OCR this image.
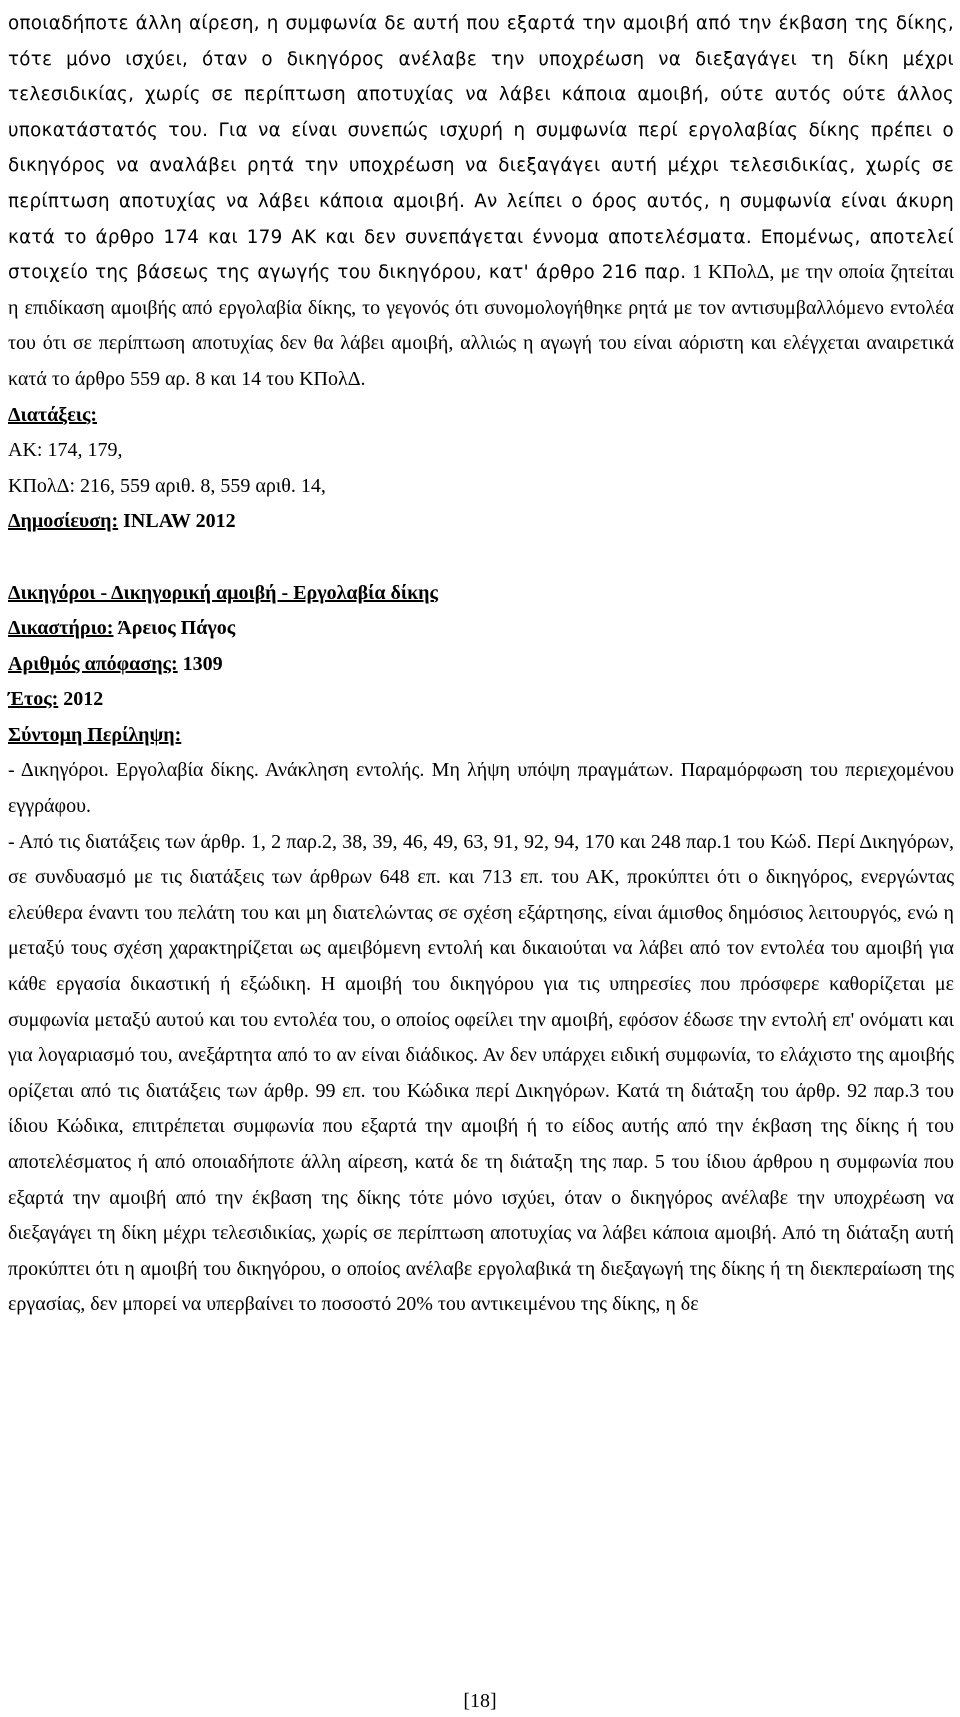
οποιαδήποτε άλλη αίρεση, η συμφωνία δε αυτή που εξαρτά την αμοιβή από την έκβαση της δίκης, τότε μόνο ισχύει, όταν ο δικηγόρος ανέλαβε την υποχρέωση να διεξαγάγει τη δίκη μέχρι τελεσιδικίας, χωρίς σε περίπτωση αποτυχίας να λάβει κάποια αμοιβή, ούτε αυτός ούτε άλλος υποκατάστατός του. Για να είναι συνεπώς ισχυρή η συμφωνία περί εργολαβίας δίκης πρέπει ο δικηγόρος να αναλάβει ρητά την υποχρέωση να διεξαγάγει αυτή μέχρι τελεσιδικίας, χωρίς σε περίπτωση αποτυχίας να λάβει κάποια αμοιβή. Αν λείπει ο όρος αυτός, η συμφωνία είναι άκυρη κατά το άρθρο 174 και 179 ΑΚ και δεν συνεπάγεται έννομα αποτελέσματα. Επομένως, αποτελεί στοιχείο της βάσεως της αγωγής του δικηγόρου, κατ' άρθρο 216 παρ. 1 ΚΠολΔ, με την οποία ζητείται η επιδίκαση αμοιβής από εργολαβία δίκης, το γεγονός ότι συνομολογήθηκε ρητά με τον αντισυμβαλλόμενο εντολέα του ότι σε περίπτωση αποτυχίας δεν θα λάβει αμοιβή, αλλιώς η αγωγή του είναι αόριστη και ελέγχεται αναιρετικά κατά το άρθρο 559 αρ. 8 και 14 του ΚΠολΔ.

Διατάξεις:

ΑΚ: 174, 179,

ΚΠολΔ: 216, 559 αριθ. 8, 559 αριθ. 14,

Δημοσίευση: INLAW 2012

Δικηγόροι - Δικηγορική αμοιβή - Εργολαβία δίκης

Δικαστήριο: Άρειος Πάγος

Αριθμός απόφασης: 1309

Έτος: 2012

Σύντομη Περίληψη:

- Δικηγόροι. Εργολαβία δίκης. Ανάκληση εντολής. Μη λήψη υπόψη πραγμάτων. Παραμόρφωση του περιεχομένου εγγράφου.

- Από τις διατάξεις των άρθρ. 1, 2 παρ.2, 38, 39, 46, 49, 63, 91, 92, 94, 170 και 248 παρ.1 του Κώδ. Περί Δικηγόρων, σε συνδυασμό με τις διατάξεις των άρθρων 648 επ. και 713 επ. του ΑΚ, προκύπτει ότι ο δικηγόρος, ενεργώντας ελεύθερα έναντι του πελάτη του και μη διατελώντας σε σχέση εξάρτησης, είναι άμισθος δημόσιος λειτουργός, ενώ η μεταξύ τους σχέση χαρακτηρίζεται ως αμειβόμενη εντολή και δικαιούται να λάβει από τον εντολέα του αμοιβή για κάθε εργασία δικαστική ή εξώδικη. Η αμοιβή του δικηγόρου για τις υπηρεσίες που πρόσφερε καθορίζεται με συμφωνία μεταξύ αυτού και του εντολέα του, ο οποίος οφείλει την αμοιβή, εφόσον έδωσε την εντολή επ' ονόματι και για λογαριασμό του, ανεξάρτητα από το αν είναι διάδικος. Αν δεν υπάρχει ειδική συμφωνία, το ελάχιστο της αμοιβής ορίζεται από τις διατάξεις των άρθρ. 99 επ. του Κώδικα περί Δικηγόρων. Κατά τη διάταξη του άρθρ. 92 παρ.3 του ίδιου Κώδικα, επιτρέπεται συμφωνία που εξαρτά την αμοιβή ή το είδος αυτής από την έκβαση της δίκης ή του αποτελέσματος ή από οποιαδήποτε άλλη αίρεση, κατά δε τη διάταξη της παρ. 5 του ίδιου άρθρου η συμφωνία που εξαρτά την αμοιβή από την έκβαση της δίκης τότε μόνο ισχύει, όταν ο δικηγόρος ανέλαβε την υποχρέωση να διεξαγάγει τη δίκη μέχρι τελεσιδικίας, χωρίς σε περίπτωση αποτυχίας να λάβει κάποια αμοιβή. Από τη διάταξη αυτή προκύπτει ότι η αμοιβή του δικηγόρου, ο οποίος ανέλαβε εργολαβικά τη διεξαγωγή της δίκης ή τη διεκπεραίωση της εργασίας, δεν μπορεί να υπερβαίνει το ποσοστό 20% του αντικειμένου της δίκης, η δε

[18]
